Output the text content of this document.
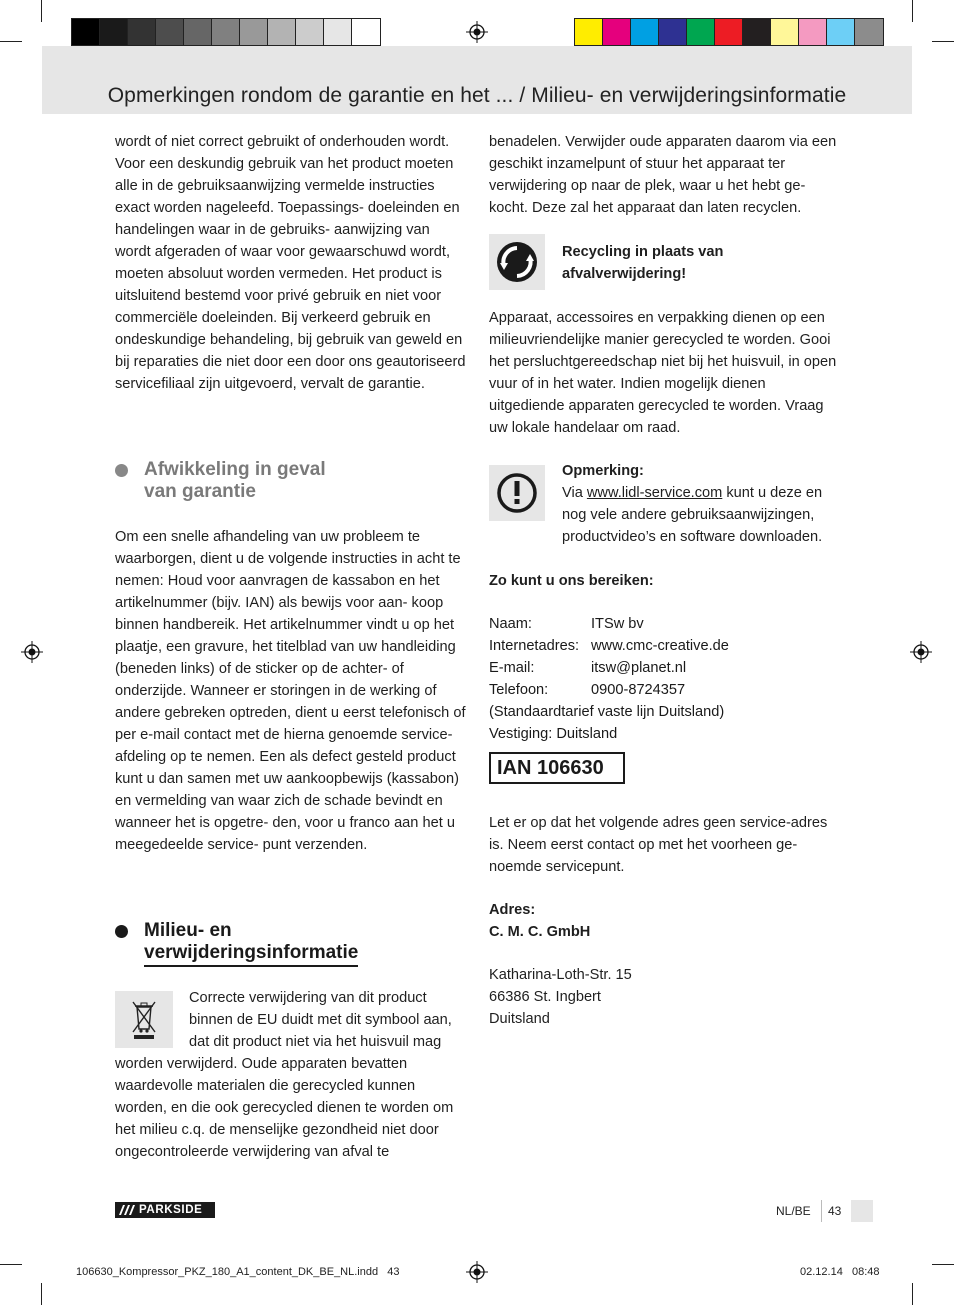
Opmerkingen rondom de garantie en het ... / Milieu- en verwijderingsinformatie

wordt of niet correct gebruikt of onderhouden wordt. Voor een deskundig gebruik van het product moeten alle in de gebruiksaanwijzing vermelde instructies exact worden nageleefd. Toepassings- doeleinden en handelingen waar in de gebruiks- aanwijzing van wordt afgeraden of waar voor gewaarschuwd wordt, moeten absoluut worden vermeden. Het product is uitsluitend bestemd voor privé gebruik en niet voor commerciële doeleinden. Bij verkeerd gebruik en ondeskundige behandeling, bij gebruik van geweld en bij reparaties die niet door een door ons geautoriseerd servicefiliaal zijn uitgevoerd, vervalt de garantie.

Afwikkeling in geval
van garantie

Om een snelle afhandeling van uw probleem te waarborgen, dient u de volgende instructies in acht te nemen: Houd voor aanvragen de kassabon en het artikelnummer (bijv. IAN) als bewijs voor aan- koop binnen handbereik. Het artikelnummer vindt u op het plaatje, een gravure, het titelblad van uw handleiding (beneden links) of de sticker op de achter- of onderzijde. Wanneer er storingen in de werking of andere gebreken optreden, dient u eerst telefonisch of per e-mail contact met de hierna genoemde service-afdeling op te nemen. Een als defect gesteld product kunt u dan samen met uw aankoopbewijs (kassabon) en vermelding van waar zich de schade bevindt en wanneer het is opgetre- den, voor u franco aan het u meegedeelde service- punt verzenden.

Milieu- en
verwijderingsinformatie

Correcte verwijdering van dit product binnen de EU duidt met dit symbool aan, dat dit product niet via het huisvuil mag

worden verwijderd. Oude apparaten bevatten waardevolle materialen die gerecycled kunnen worden, en die ook gerecycled dienen te worden om het milieu c.q. de menselijke gezondheid niet door ongecontroleerde verwijdering van afval te

benadelen. Verwijder oude apparaten daarom via een geschikt inzamelpunt of stuur het apparaat ter verwijdering op naar de plek, waar u het hebt ge- kocht. Deze zal het apparaat dan laten recyclen.

Recycling in plaats van
afvalverwijdering!

Apparaat, accessoires en verpakking dienen op een milieuvriendelijke manier gerecycled te worden. Gooi het persluchtgereedschap niet bij het huisvuil, in open vuur of in het water. Indien mogelijk dienen uitgediende apparaten gerecycled te worden. Vraag uw lokale handelaar om raad.

Opmerking:

Via www.lidl-service.com kunt u deze en nog vele andere gebruiksaanwijzingen, productvideo’s en software downloaden.

Zo kunt u ons bereiken:

Naam:	ITSw bv
Internetadres: www.cmc-creative.de
E-mail:	itsw@planet.nl
Telefoon:	0900-8724357
(Standaardtarief vaste lijn Duitsland)
Vestiging: Duitsland
IAN 106630

Let er op dat het volgende adres geen service-adres is. Neem eerst contact op met het voorheen ge- noemde servicepunt.

Adres:

C. M. C. GmbH

Katharina-Loth-Str. 15

66386 St. Ingbert

Duitsland

PARKSIDE	NL/BE 43
106630_Kompressor_PKZ_180_A1_content_DK_BE_NL.indd   43	02.12.14   08:48
